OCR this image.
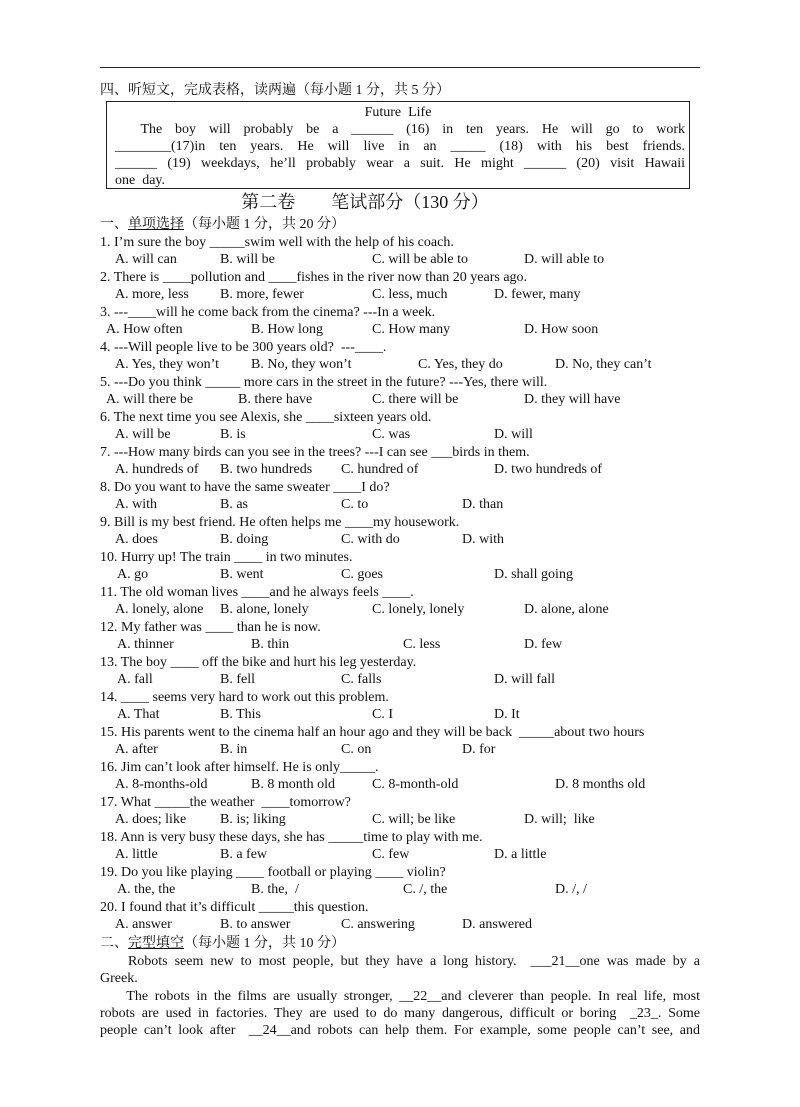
四、听短文，完成表格，读两遍（每小题 1 分，共 5 分）
Future  Life
The  boy  will  probably  be  a  ______  (16)  in  ten  years.  He  will  go  to  work
________(17)in  ten  years.  He  will  live  in  an  _____  (18)  with  his  best  friends.
______  (19)  weekdays,  he’ll  probably  wear  a  suit.  He  might  ______  (20)  visit  Hawaii
one  day.
第二卷        笔试部分（130 分）
一、单项选择（每小题 1 分，共 20 分）
1. I’m sure the boy _____swim well with the help of his coach.
A. will can	B. will be	C. will be able to	D. will able to
2. There is ____pollution and ____fishes in the river now than 20 years ago.
A. more, less B. more, fewer	C. less, much	D. fewer, many
3. ---____will he come back from the cinema? ---In a week.
A. How often	B. How long	C. How many	D. How soon
4. ---Will people live to be 300 years old?  ---____.
A. Yes, they won’t B. No, they won’t	C. Yes, they do	D. No, they can’t
5. ---Do you think _____ more cars in the street in the future? ---Yes, there will.
A. will there be	B. there have	C. there will be	D. they will have
6. The next time you see Alexis, she ____sixteen years old.
A. will be	B. is	C. was	D. will
7. ---How many birds can you see in the trees? ---I can see ___birds in them.
A. hundreds of B. two hundreds C. hundred of	D. two hundreds of
8. Do you want to have the same sweater ____I do?
A. with	B. as	C. to	D. than
9. Bill is my best friend. He often helps me ____my housework.
A. does	B. doing	C. with do	D. with
10. Hurry up! The train ____ in two minutes.
A. go	B. went	C. goes	D. shall going
11. The old woman lives ____and he always feels ____.
A. lonely, alone B. alone, lonely	C. lonely, lonely	D. alone, alone
12. My father was ____ than he is now.
A. thinner	B. thin	C. less	D. few
13. The boy ____ off the bike and hurt his leg yesterday.
A. fall	B. fell	C. falls	D. will fall
14. ____ seems very hard to work out this problem.
A. That	B. This	C. I	D. It
15. His parents went to the cinema half an hour ago and they will be back  _____about two hours
A. after	B. in	C. on	D. for
16. Jim can’t look after himself. He is only_____.
A. 8-months-old	B. 8 month old	C. 8-month-old	D. 8 months old
17. What _____the weather  ____tomorrow?
A. does; like B. is; liking	C. will; be like	D. will;  like
18. Ann is very busy these days, she has _____time to play with me.
A. little	B. a few	C. few	D. a little
19. Do you like playing ____ football or playing ____ violin?
A. the, the	B. the,  /	C. /, the	D. /, /
20. I found that it’s difficult _____this question.
A. answer	B. to answer	C. answering	D. answered
二、完型填空（每小题 1 分，共 10 分）
Robots seem new to most people, but they have a long history.  ___21__one was made by a
Greek.
The robots in the films are usually stronger, __22__and cleverer than people. In real life, most
robots are used in factories. They are used to do many dangerous, difficult or boring  _23_. Some
people can’t look after  __24__and robots can help them. For example, some people can’t see, and
